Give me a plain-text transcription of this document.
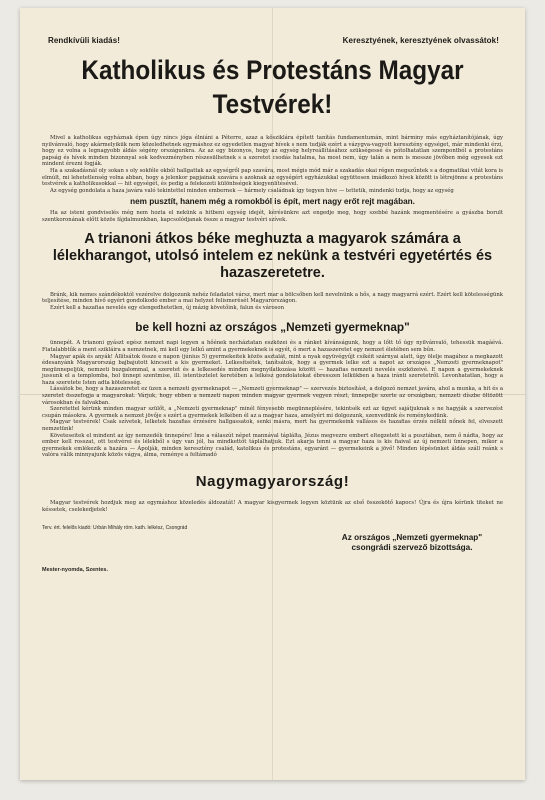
Rendkívüli kiadás!	Keresztyének, keresztyének olvassátok!
Katholikus és Protestáns Magyar
Testvérek!

Mivel a katholikus egyháznak épen úgy nincs jóga élniáni a Péterre, azaz a kősziklára épített tanítás fundamentumán, mint bárminy más egyháztanítójának, úgy nyilvánvaló, hogy akármelyikük nem közeledhetnek egymáshoz ez egyedetlen magyar hívek s nem tudják ezért a vázygva-vagyott keresztény egységet, már mindenki érzi, hogy ez volna a legnagyobb áldás ségény országunkra. Az az egy bizonyos, hogy az egység helyreállításához szükségessé és pótolhatatlan szempontból a protestáns papság és hívek minden bizonnyal sok kedvezményben részesülhetnek s a szeretet csodás hatalma, ha most nem, úgy talán a nem is messze jövőben még egyesek ezt mindent érezni fogják.

Ha a szakadásnál oly sokan s oly sokféle okból hallgattak az egységről pap szavára, most mégis mód már a szakadás okai régen megszűntek s a dogmatikai vitát kora is elmúlt, mi lehetetlenség volna abban, hogy a jelenkor papjainak szavára s azoknak az egységért egyházukkal együttesen imádkozó hívek között is létrejönne a protestáns testvérek a katholikusokkal — hit egységét, és pedig a felekezeti különbségek kiegyenlítésével.

Az egység gondolata a haza javára való tekintettel minden embernek — hármely családnak így tegyen hive — tettetik, mindenki tudja, hogy az egység

nem pusztít, hanem még a romokból is épít, mert nagy erőt rejt magában.

Ha az isteni gondviselés még nem hozta el nekünk a hitbeni egység idejét, kérésünkre azt engedje meg, hogy szebbé hazánk megmentésére a gyászba borult szentkoronának előtt közös fájdalmunkban, kapcsolódjanak össze a magyar testvéri szívek.

A trianoni átkos béke meghuzta a magyarok számára a lélekharangot, utolsó intelem ez nekünk a testvéri egyetértés és hazaszeretetre.

Bránk, kik nemes szándékoktól vezérelve dolgozunk nehéz feladatot vársz, mert mar a bölcsőben kell nevelnünk a hős, a nagy magyarrá ezért. Ezért kell kötelességünk teljesítése, minden hívő egyért gondolkodó ember a mai helyzet felismerését Magyarországon.

Ezért kell a hazafias nevelés egy elengedhetetlen, új mázig követőink, falun és városon

be kell hozni az országos „Nemzeti gyermeknap"

ünnepét. A trianoni gyászt egész nemzet napi legyen a hőének necháztatan eszközei és a ránket kívánságunk, hogy a lőtt tő úgy nyilvánvaló, tehessük magáévá. Fiatalabbtűk a ment szikláira a nemzetnek, mi kell egy lelkű amint a gyermekeknek is egyét, ó mert a hazaszeretet egy nemzet életében sem bűn.

Magyar apák és anyák! Állítsátok össze e napon (június 5) gyermekeitek közös asztalát, mint a nyak együvégyűjt csíkéit szárnyai alatt, úgy ölelje magához a megkazott édesanyánk Magyarország bajbajutott kincseit a kis gyermeket. Lelkesítsétek, tanítsátok, hogy a gyermek lelke ezt a napot az országos „Nemzeti gyermeknapot" megünnepeljük, nemzeti buzgalommal, a szeretet és a lelkesedés minden megnyilatkozása között — hazafias nemzeti nevelés eszközeivé. E napon a gyermekeknek jussunk el a templomba, hol ünnepi szentmise, ill. istentisztelet keretében a lelkész gondolatokat ébresszen lelkükben a haza iránti szeretetről. Levonhatatlan, hogy a haza szeretete Isten adta kötelesség.

Lássátok be, hogy a hazaszeretet ez üzen a nemzeti gyermeknapot — „Nemzeti gyermeknap" — szervezés biztosítást, a dolgozó nemzet javára, ahol a munka, a hit és a szeretet összefogja a magyarokat. Várjuk, hogy ebben a nemzeti napon minden magyar gyermek vegyen részt, ünnepelje szerte az országban, nemzeti díszbe öltözött városokban és falvakban.

Szeretettel kérünk minden magyar szülőt, a „Nemzeti gyermeknap" minél fényesebb megünneplésére, tekintsék ezt az ügyet sajátjuknak s ne hagyják a szervezést csupán másokra. A gyermek a nemzet jövője s ezért a gyermekek lelkében él az a magyar haza, amelyért mi dolgozunk, szenvedünk és reménykedünk.

Magyar testvérek! Csak szívetek, lelketek hazafias érzésére hallgassatok, senki másra, mert ha gyermekeink vallásos és hazafias érzés nélkül nőnek fel, elveszett nemzetünk!

Követeseitek el mindent az így nemzedék ünnepére! Íme a válaszút népet mannával táplálta, Jézus megvezre embert eltegzetett ki a pusztában, nem ő nádta, hogy az ember kell rosszat, ott testvérei és lélekből s úgy van jól, ha mindkettőt táplálhatjuk. Ezt akarja tenni a magyar haza is kis fiaival az új nemzeti ünnepen, mikor a gyermekek emlékezik a hazára — Ápolják, minden keresztény család, katolikus és protestáns, egyaránt — gyermekeink a jövő! Minden lépésünket áldás száll reánk s valóra válik minnyajunk közös vágya, álma, reménye a feltámadó

Nagymagyarország!

Magyar testvérek hozdjuk meg az egymáshoz közeledés áldozatát! A magyar kisgyermek legyen köztünk az első összekötő kapocs! Újra és újra kérünk titeket ne késsetek, cselekedjetek!

Terv. ért. felelős kiadó: Urbán Mihály róm. kath. lelkész, Csongrád
Mester-nyomda, Szentes.
Az országos „Nemzeti gyermeknap" csongrádi szervező bizottsága.
